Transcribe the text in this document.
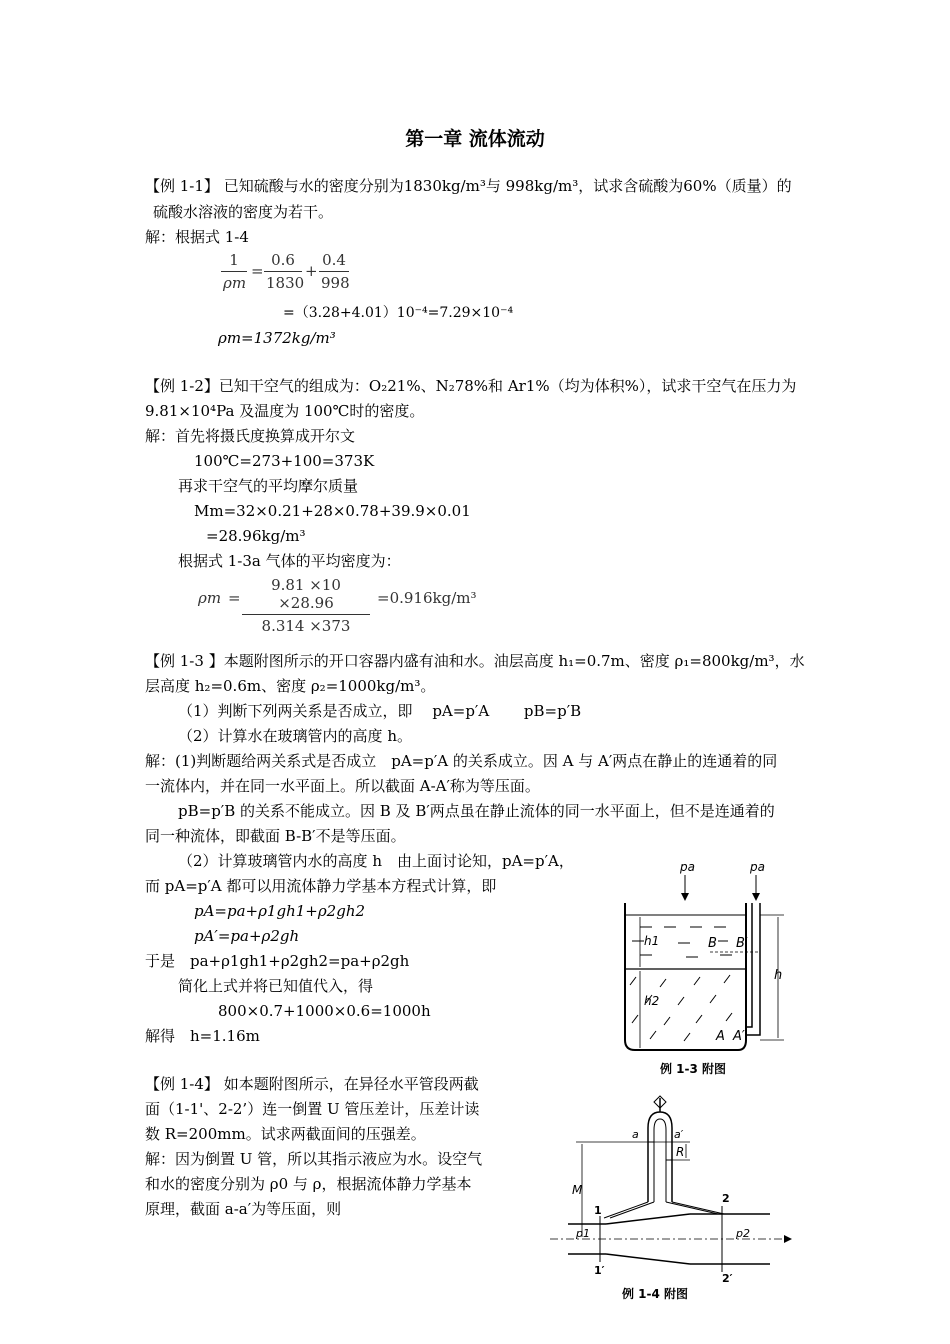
第一章 流体流动
【例 1-1】 已知硫酸与水的密度分别为1830kg/m³与 998kg/m³，试求含硫酸为60%（质量）的
硫酸水溶液的密度为若干。
解：根据式 1-4
1
ρm
=
0.6
1830
+
0.4
998
=（3.28+4.01）10⁻⁴=7.29×10⁻⁴
ρm=1372kg/m³
【例 1-2】已知干空气的组成为：O₂21%、N₂78%和 Ar1%（均为体积%），试求干空气在压力为
9.81×10⁴Pa 及温度为 100℃时的密度。
解：首先将摄氏度换算成开尔文
100℃=273+100=373K
再求干空气的平均摩尔质量
Mm=32×0.21+28×0.78+39.9×0.01
=28.96kg/m³
根据式 1-3a 气体的平均密度为：
ρm =
9.81 ×10 ×28.96
8.314 ×373
=0.916kg/m³
【例 1-3 】本题附图所示的开口容器内盛有油和水。油层高度 h₁=0.7m、密度 ρ₁=800kg/m³，水
层高度 h₂=0.6m、密度 ρ₂=1000kg/m³。
（1）判断下列两关系是否成立，即　 pA=p′A　　 pB=p′B
（2）计算水在玻璃管内的高度 h。
解：(1)判断题给两关系式是否成立　pA=p′A 的关系成立。因 A 与 A′两点在静止的连通着的同
一流体内，并在同一水平面上。所以截面 A-A′称为等压面。
pB=p′B 的关系不能成立。因 B 及 B′两点虽在静止流体的同一水平面上，但不是连通着的
同一种流体，即截面 B-B′不是等压面。
（2）计算玻璃管内水的高度 h　由上面讨论知，pA=p′A，
而 pA=p′A 都可以用流体静力学基本方程式计算，即
pA=pa+ρ1gh1+ρ2gh2
pA′=pa+ρ2gh
于是　pa+ρ1gh1+ρ2gh2=pa+ρ2gh
简化上式并将已知值代入，得
800×0.7+1000×0.6=1000h
解得　h=1.16m
pa	pa
h1
h2
h
B B′
A A′
例 1-3 附图
【例 1-4】 如本题附图所示，在异径水平管段两截
面（1-1'、2-2’）连一倒置 U 管压差计，压差计读
数 R=200mm。试求两截面间的压强差。
解：因为倒置 U 管，所以其指示液应为水。设空气
和水的密度分别为 ρ0 与 ρ，根据流体静力学基本
原理，截面 a-a′为等压面，则
a	a′
R
M
1
1′
2
2′
p1	p2
例 1-4 附图
